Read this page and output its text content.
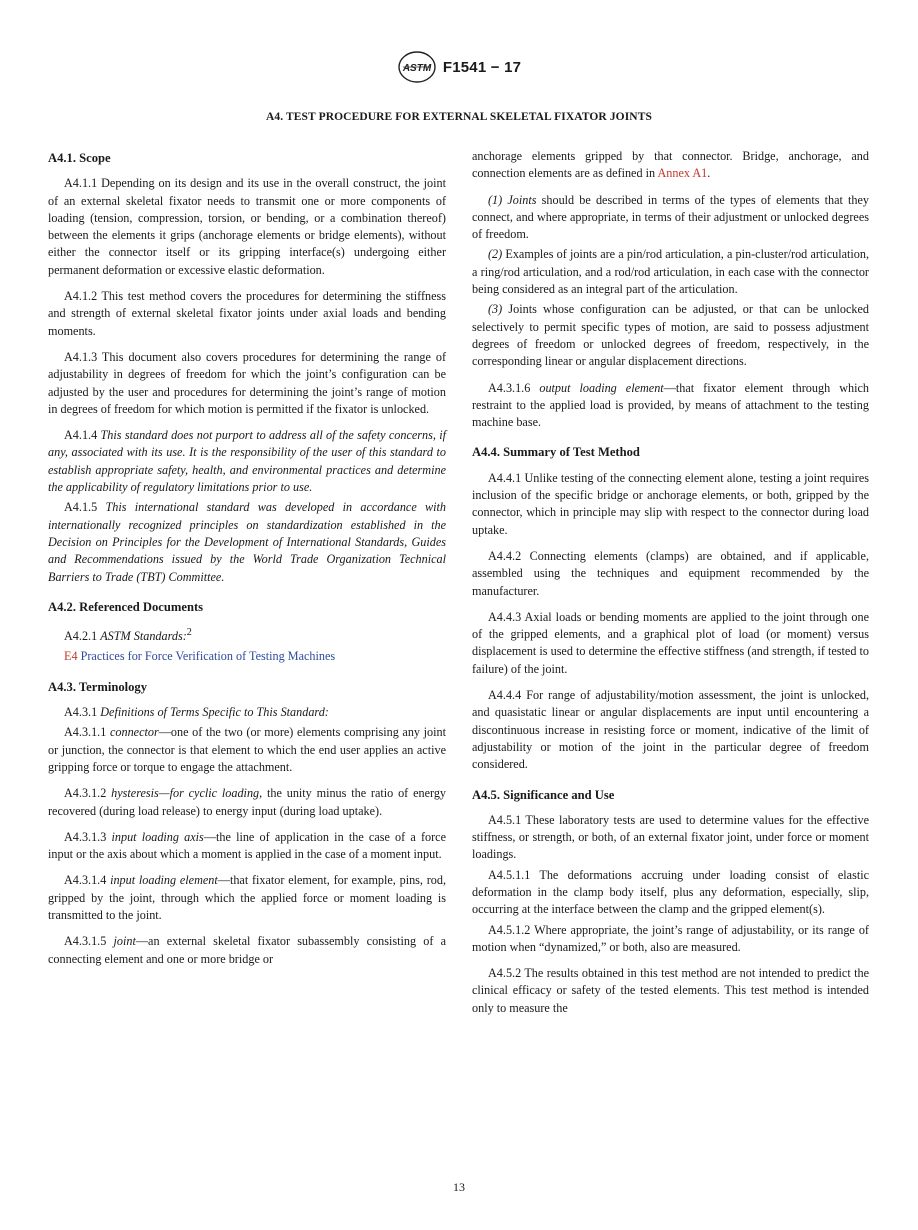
ASTM F1541 − 17
A4. TEST PROCEDURE FOR EXTERNAL SKELETAL FIXATOR JOINTS
A4.1. Scope

A4.1.1 Depending on its design and its use in the overall construct, the joint of an external skeletal fixator needs to transmit one or more components of loading (tension, compression, torsion, or bending, or a combination thereof) between the elements it grips (anchorage elements or bridge elements), without either the connector itself or its gripping interface(s) undergoing either permanent deformation or excessive elastic deformation.

A4.1.2 This test method covers the procedures for determining the stiffness and strength of external skeletal fixator joints under axial loads and bending moments.

A4.1.3 This document also covers procedures for determining the range of adjustability in degrees of freedom for which the joint’s configuration can be adjusted by the user and procedures for determining the joint’s range of motion in degrees of freedom for which motion is permitted if the fixator is unlocked.

A4.1.4 This standard does not purport to address all of the safety concerns, if any, associated with its use. It is the responsibility of the user of this standard to establish appropriate safety, health, and environmental practices and determine the applicability of regulatory limitations prior to use.

A4.1.5 This international standard was developed in accordance with internationally recognized principles on standardization established in the Decision on Principles for the Development of International Standards, Guides and Recommendations issued by the World Trade Organization Technical Barriers to Trade (TBT) Committee.

A4.2. Referenced Documents

A4.2.1 ASTM Standards:$^2$

E4 Practices for Force Verification of Testing Machines

A4.3. Terminology

A4.3.1 Definitions of Terms Specific to This Standard:

A4.3.1.1 connector—one of the two (or more) elements comprising any joint or junction, the connector is that element to which the end user applies an active gripping force or torque to engage the attachment.

A4.3.1.2 hysteresis—for cyclic loading, the unity minus the ratio of energy recovered (during load release) to energy input (during load uptake).

A4.3.1.3 input loading axis—the line of application in the case of a force input or the axis about which a moment is applied in the case of a moment input.

A4.3.1.4 input loading element—that fixator element, for example, pins, rod, gripped by the joint, through which the applied force or moment loading is transmitted to the joint.

A4.3.1.5 joint—an external skeletal fixator subassembly consisting of a connecting element and one or more bridge or

anchorage elements gripped by that connector. Bridge, anchorage, and connection elements are as defined in Annex A1.

(1) Joints should be described in terms of the types of elements that they connect, and where appropriate, in terms of their adjustment or unlocked degrees of freedom.

(2) Examples of joints are a pin/rod articulation, a pin-cluster/rod articulation, a ring/rod articulation, and a rod/rod articulation, in each case with the connector being considered as an integral part of the articulation.

(3) Joints whose configuration can be adjusted, or that can be unlocked selectively to permit specific types of motion, are said to possess adjustment degrees of freedom or unlocked degrees of freedom, respectively, in the corresponding linear or angular displacement directions.

A4.3.1.6 output loading element—that fixator element through which restraint to the applied load is provided, by means of attachment to the testing machine base.

A4.4. Summary of Test Method

A4.4.1 Unlike testing of the connecting element alone, testing a joint requires inclusion of the specific bridge or anchorage elements, or both, gripped by the connector, which in principle may slip with respect to the connector during load uptake.

A4.4.2 Connecting elements (clamps) are obtained, and if applicable, assembled using the techniques and equipment recommended by the manufacturer.

A4.4.3 Axial loads or bending moments are applied to the joint through one of the gripped elements, and a graphical plot of load (or moment) versus displacement is used to determine the effective stiffness (and strength, if tested to failure) of the joint.

A4.4.4 For range of adjustability/motion assessment, the joint is unlocked, and quasistatic linear or angular displacements are input until encountering a discontinuous increase in resisting force or moment, indicative of the limit of adjustability or motion of the joint in the particular degree of freedom considered.

A4.5. Significance and Use

A4.5.1 These laboratory tests are used to determine values for the effective stiffness, or strength, or both, of an external fixator joint, under force or moment loadings.

A4.5.1.1 The deformations accruing under loading consist of elastic deformation in the clamp body itself, plus any deformation, especially, slip, occurring at the interface between the clamp and the gripped element(s).

A4.5.1.2 Where appropriate, the joint’s range of adjustability, or its range of motion when “dynamized,” or both, also are measured.

A4.5.2 The results obtained in this test method are not intended to predict the clinical efficacy or safety of the tested elements. This test method is intended only to measure the

13
